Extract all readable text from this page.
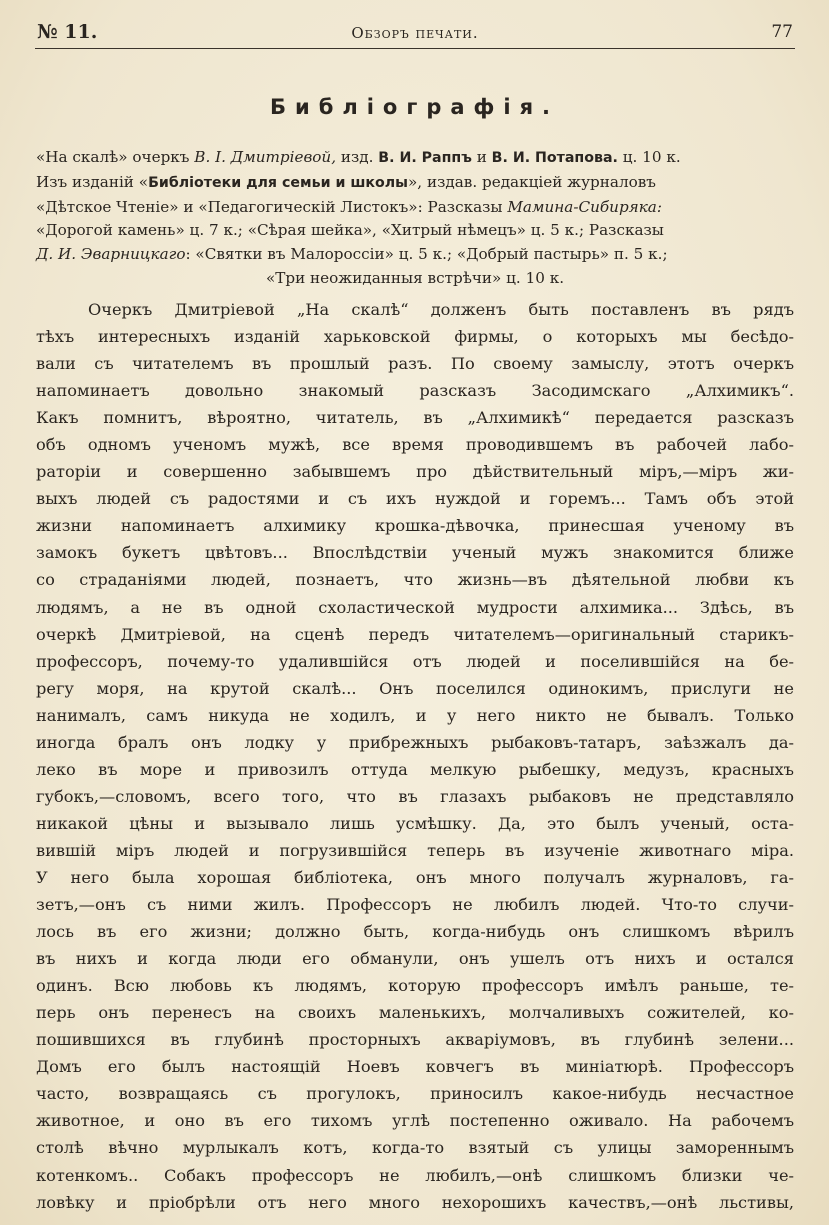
№ 11.	Обзоръ печати.	77
Библіографія.

«На скалѣ» очеркъ В. І. Дмитріевой, изд. В. И. Раппъ и В. И. Потапова. ц. 10 к.

Изъ изданій «Библіотеки для семьи и школы», издав. редакціей журналовъ

«Дѣтское Чтеніе» и «Педагогическій Листокъ»: Разсказы Мамина-Сибиряка:

«Дорогой камень» ц. 7 к.; «Сѣрая шейка», «Хитрый нѣмецъ» ц. 5 к.; Разсказы

Д. И. Эварницкаго: «Святки въ Малороссіи» ц. 5 к.; «Добрый пастырь» п. 5 к.;

«Три неожиданныя встрѣчи» ц. 10 к.

Очеркъ Дмитріевой „На скалѣ“ долженъ быть поставленъ въ рядъ
тѣхъ интересныхъ изданій харьковской фирмы, о которыхъ мы бесѣдо-
вали съ читателемъ въ прошлый разъ. По своему замыслу, этотъ очеркъ
напоминаетъ довольно знакомый разсказъ Засодимскаго „Алхимикъ“.
Какъ помнитъ, вѣроятно, читатель, въ „Алхимикѣ“ передается разсказъ
объ одномъ ученомъ мужѣ, все время проводившемъ въ рабочей лабо-
раторіи и совершенно забывшемъ про дѣйствительный міръ,—міръ жи-
выхъ людей съ радостями и съ ихъ нуждой и горемъ... Тамъ объ этой
жизни напоминаетъ алхимику крошка-дѣвочка, принесшая ученому въ
замокъ букетъ цвѣтовъ... Впослѣдствіи ученый мужъ знакомится ближе
со страданіями людей, познаетъ, что жизнь—въ дѣятельной любви къ
людямъ, а не въ одной схоластической мудрости алхимика... Здѣсь, въ
очеркѣ Дмитріевой, на сценѣ передъ читателемъ—оригинальный старикъ-
профессоръ, почему-то удалившійся отъ людей и поселившійся на бе-
регу моря, на крутой скалѣ... Онъ поселился одинокимъ, прислуги не
нанималъ, самъ никуда не ходилъ, и у него никто не бывалъ. Только
иногда бралъ онъ лодку у прибрежныхъ рыбаковъ-татаръ, заѣзжалъ да-
леко въ море и привозилъ оттуда мелкую рыбешку, медузъ, красныхъ
губокъ,—словомъ, всего того, что въ глазахъ рыбаковъ не представляло
никакой цѣны и вызывало лишь усмѣшку. Да, это былъ ученый, оста-
вившій міръ людей и погрузившійся теперь въ изученіе животнаго міра.
У него была хорошая библіотека, онъ много получалъ журналовъ, га-
зетъ,—онъ съ ними жилъ. Профессоръ не любилъ людей. Что-то случи-
лось въ его жизни; должно быть, когда-нибудь онъ слишкомъ вѣрилъ
въ нихъ и когда люди его обманули, онъ ушелъ отъ нихъ и остался
одинъ. Всю любовь къ людямъ, которую профессоръ имѣлъ раньше, те-
перь онъ перенесъ на своихъ маленькихъ, молчаливыхъ сожителей, ко-
пошившихся въ глубинѣ просторныхъ акваріумовъ, въ глубинѣ зелени...
Домъ его былъ настоящій Ноевъ ковчегъ въ миніатюрѣ. Профессоръ
часто, возвращаясь съ прогулокъ, приносилъ какое-нибудь несчастное
животное, и оно въ его тихомъ углѣ постепенно оживало. На рабочемъ
столѣ вѣчно мурлыкалъ котъ, когда-то взятый съ улицы замореннымъ
котенкомъ.. Собакъ профессоръ не любилъ,—онѣ слишкомъ близки че-
ловѣку и пріобрѣли отъ него много нехорошихъ качествъ,—онѣ льстивы,
